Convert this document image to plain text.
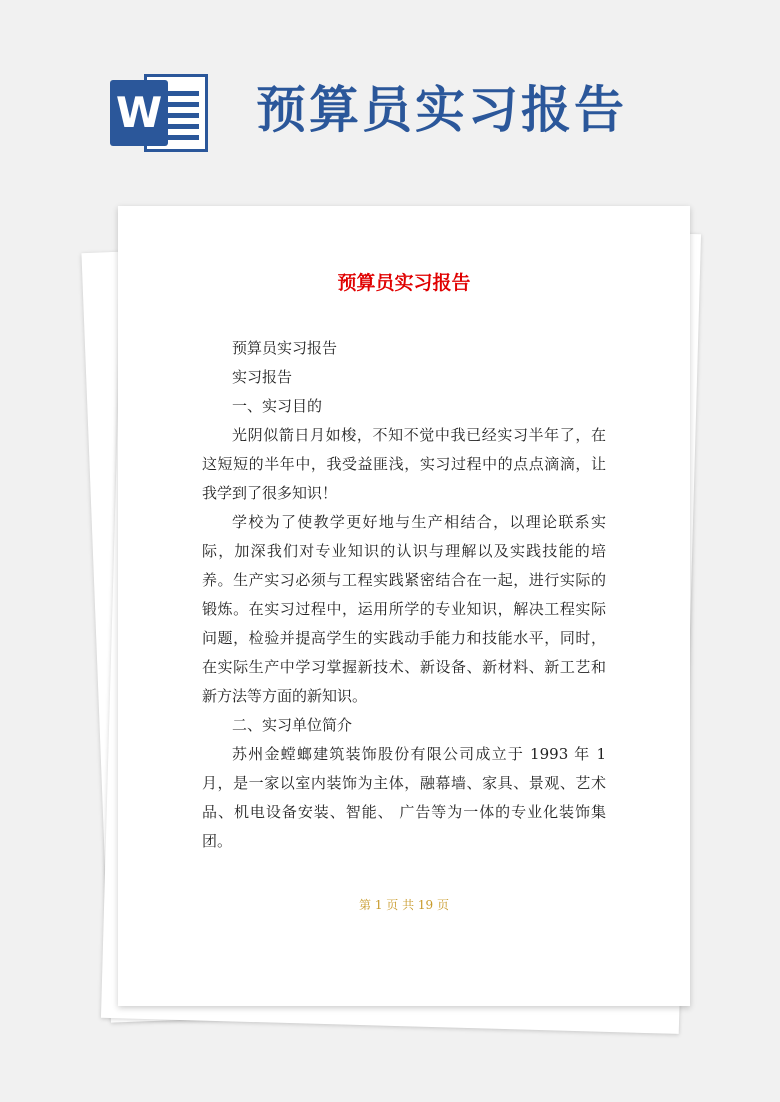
W 预算员实习报告
预算员实习报告

预算员实习报告

实习报告

一、实习目的

光阴似箭日月如梭，不知不觉中我已经实习半年了，在这短短的半年中，我受益匪浅，实习过程中的点点滴滴，让我学到了很多知识！

学校为了使教学更好地与生产相结合，以理论联系实际，加深我们对专业知识的认识与理解以及实践技能的培养。生产实习必须与工程实践紧密结合在一起，进行实际的锻炼。在实习过程中，运用所学的专业知识，解决工程实际问题，检验并提高学生的实践动手能力和技能水平，同时，在实际生产中学习掌握新技术、新设备、新材料、新工艺和新方法等方面的新知识。

二、实习单位简介

苏州金螳螂建筑装饰股份有限公司成立于 1993 年 1 月，是一家以室内装饰为主体，融幕墙、家具、景观、艺术品、机电设备安装、智能、 广告等为一体的专业化装饰集团。

第 1 页 共 19 页
